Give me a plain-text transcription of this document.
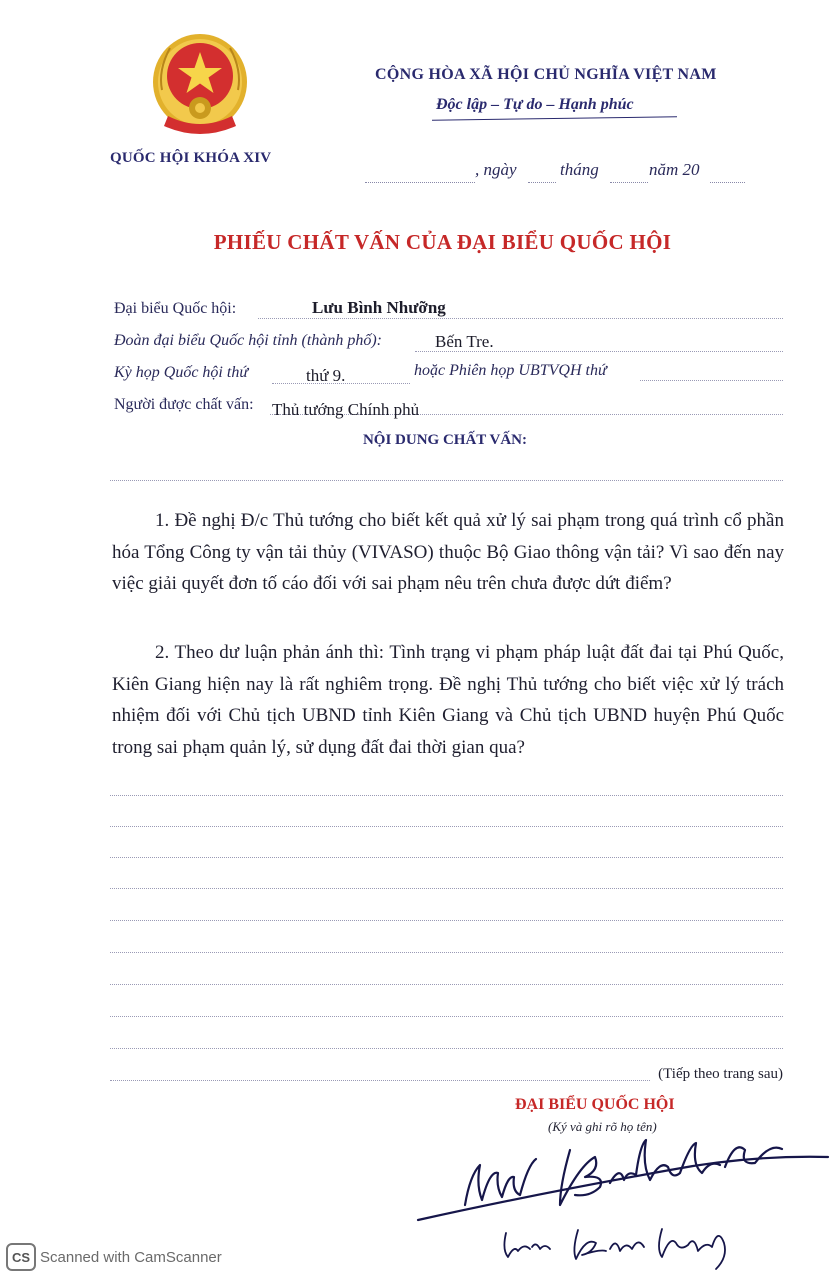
QUỐC HỘI KHÓA XIV
CỘNG HÒA XÃ HỘI CHỦ NGHĨA VIỆT NAM
Độc lập – Tự do – Hạnh phúc
, ngày	tháng	năm 20
PHIẾU CHẤT VẤN CỦA ĐẠI BIỂU QUỐC HỘI
Đại biểu Quốc hội:	Lưu Bình Nhưỡng
Đoàn đại biểu Quốc hội tỉnh (thành phố):	Bến Tre.
Kỳ họp Quốc hội thứ	thứ 9.	hoặc Phiên họp UBTVQH thứ
Người được chất vấn: Thủ tướng Chính phủ
NỘI DUNG CHẤT VẤN:
1. Đề nghị Đ/c Thủ tướng cho biết kết quả xử lý sai phạm trong quá trình cổ phần hóa Tổng Công ty vận tải thủy (VIVASO) thuộc Bộ Giao thông vận tải? Vì sao đến nay việc giải quyết đơn tố cáo đối với sai phạm nêu trên chưa được dứt điểm?
2. Theo dư luận phản ánh thì: Tình trạng vi phạm pháp luật đất đai tại Phú Quốc, Kiên Giang hiện nay là rất nghiêm trọng. Đề nghị Thủ tướng cho biết việc xử lý trách nhiệm đối với Chủ tịch UBND tỉnh Kiên Giang và Chủ tịch UBND huyện Phú Quốc trong sai phạm quản lý, sử dụng đất đai thời gian qua?
(Tiếp theo trang sau)
ĐẠI BIỂU QUỐC HỘI
(Ký và ghi rõ họ tên)
CS Scanned with CamScanner
